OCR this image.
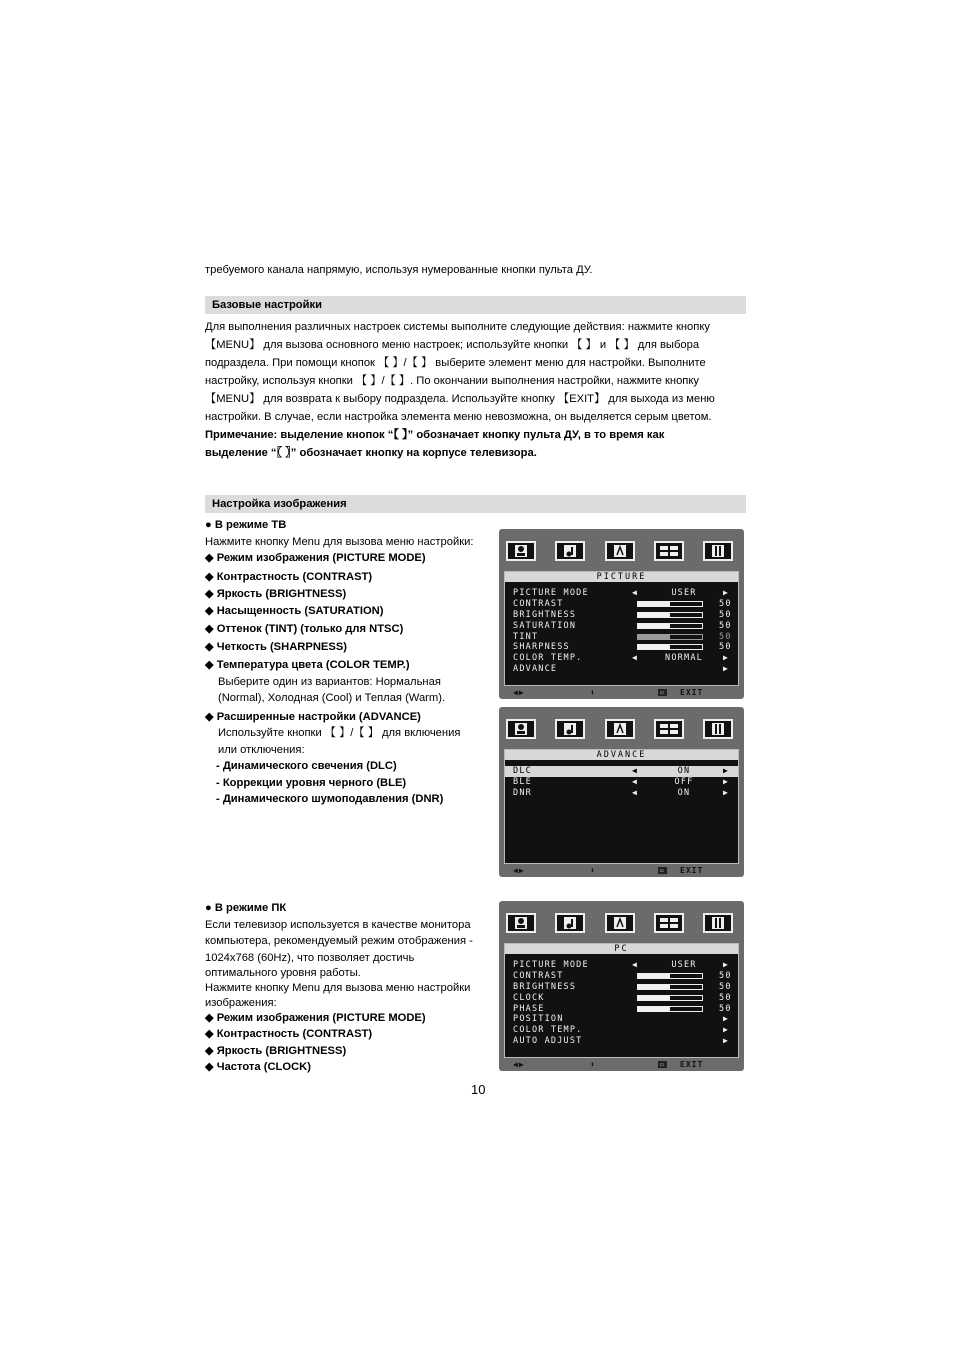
требуемого канала напрямую, используя нумерованные кнопки пульта ДУ.
Базовые настройки
Для выполнения различных настроек системы выполните следующие действия: нажмите кнопку
【MENU】 для вызова основного меню настроек; используйте кнопки 【 】 и 【 】 для выбора
подраздела. При помощи кнопок 【 】/【 】 выберите элемент меню для настройки. Выполните
настройку, используя кнопки 【 】/【 】. По окончании выполнения настройки, нажмите кнопку
【MENU】 для возврата к выбору подраздела. Используйте кнопку 【EXIT】 для выхода из меню
настройки. В случае, если настройка элемента меню невозможна, он выделяется серым цветом.
Примечание: выделение кнопок “【 】” обозначает кнопку пульта ДУ, в то время как
выделение “〖 〗” обозначает кнопку на корпусе телевизора.
Настройка изображения
● В режиме ТВ
Нажмите кнопку Menu для вызова меню настройки:
◆ Режим изображения (PICTURE MODE)
◆ Контрастность (CONTRAST)
◆ Яркость (BRIGHTNESS)
◆ Насыщенность (SATURATION)
◆ Оттенок (TINT) (только для NTSC)
◆ Четкость (SHARPNESS)
◆ Температура цвета (COLOR TEMP.)
Выберите один из вариантов: Нормальная
(Normal), Холодная (Cool) и Теплая (Warm).
◆ Расширенные настройки (ADVANCE)
Используйте кнопки 【 】/【 】 для включения
или отключения:
- Динамического свечения (DLC)
- Коррекции уровня черного (BLE)
- Динамического шумоподавления (DNR)
● В режиме ПК
Если телевизор используется в качестве монитора
компьютера, рекомендуемый режим отображения -
1024x768 (60Hz), что позволяет достичь
оптимального уровня работы.
Нажмите кнопку Menu для вызова меню настройки
изображения:
◆ Режим изображения (PICTURE MODE)
◆ Контрастность (CONTRAST)
◆ Яркость (BRIGHTNESS)
◆ Частота (CLOCK)
PICTURE
PICTURE MODE	◀	USER	▶
CONTRAST	50
BRIGHTNESS	50
SATURATION	50
TINT	50
SHARPNESS	50
COLOR TEMP.	◀	NORMAL	▶
ADVANCE	▶
◀▶	⬍	▭ EXIT
ADVANCE
DLC	◀	ON	▶
BLE	◀	OFF	▶
DNR	◀	ON	▶
◀▶	⬍	▭ EXIT
PC
PICTURE MODE	◀	USER	▶
CONTRAST	50
BRIGHTNESS	50
CLOCK	50
PHASE	50
POSITION	▶
COLOR TEMP.	▶
AUTO ADJUST	▶
◀▶	⬍	▭ EXIT
10
